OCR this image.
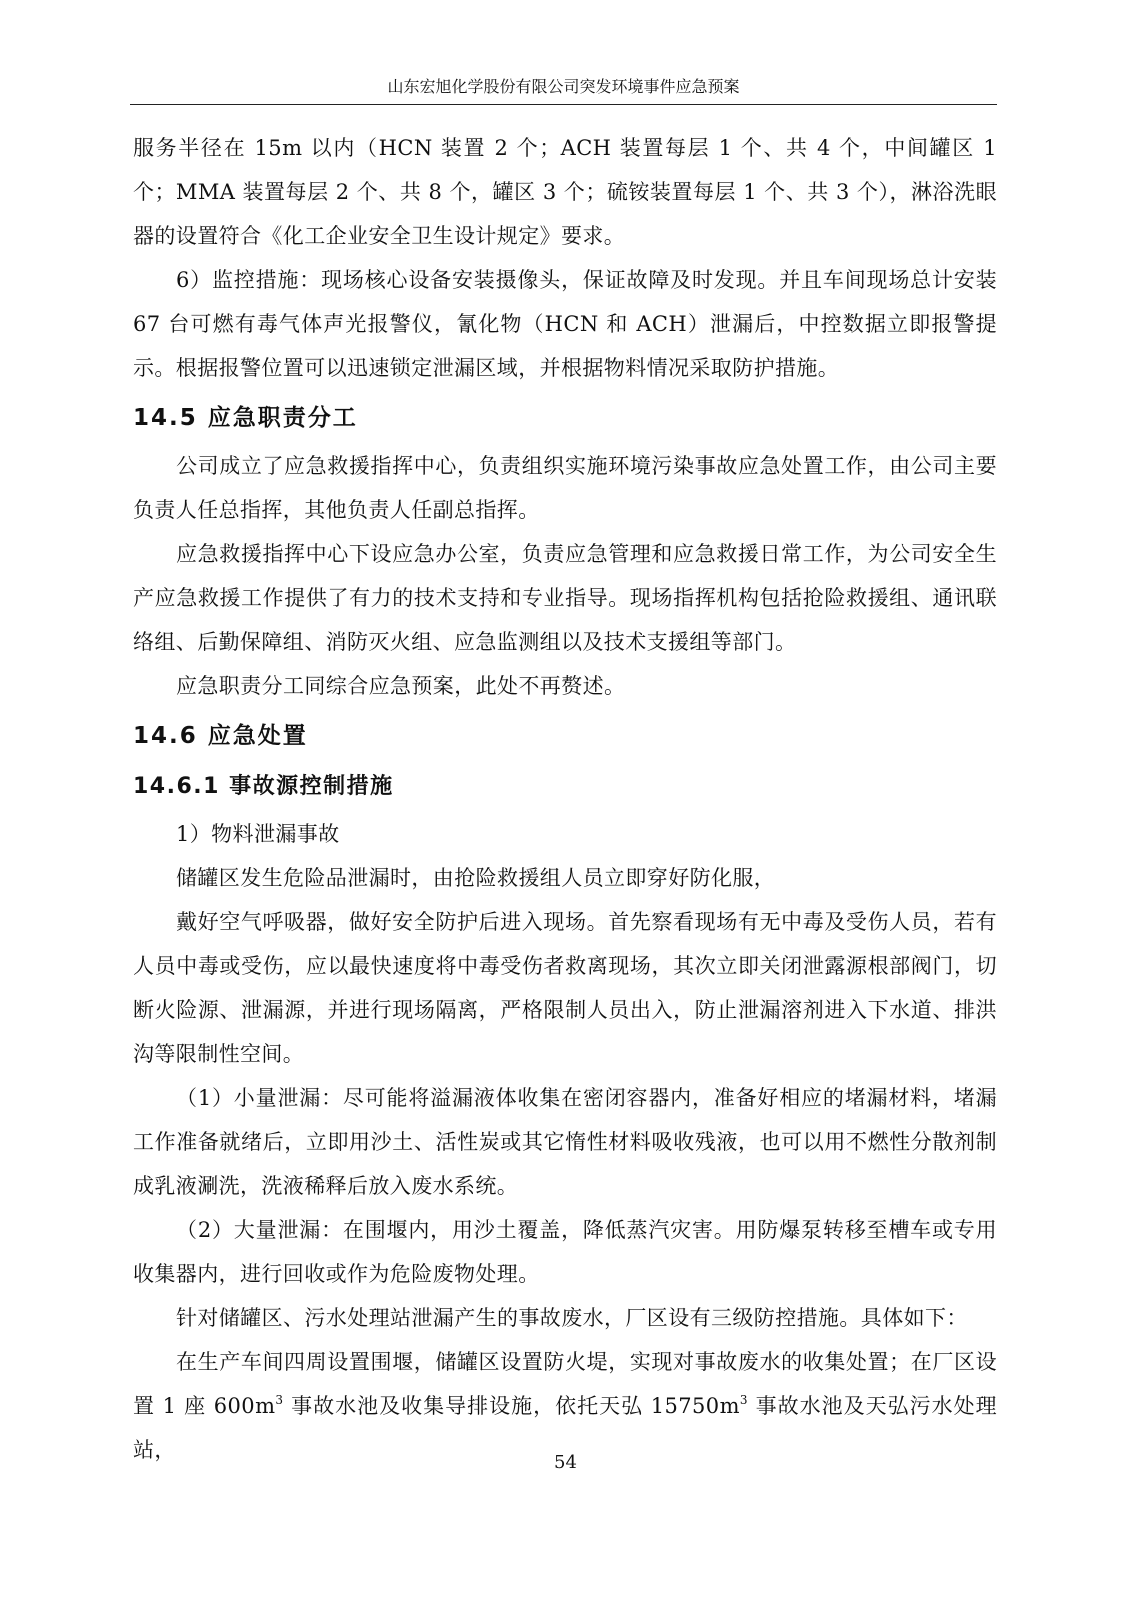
山东宏旭化学股份有限公司突发环境事件应急预案

服务半径在 15m 以内（HCN 装置 2 个；ACH 装置每层 1 个、共 4 个，中间罐区 1 个；MMA 装置每层 2 个、共 8 个，罐区 3 个；硫铵装置每层 1 个、共 3 个），淋浴洗眼器的设置符合《化工企业安全卫生设计规定》要求。

6）监控措施：现场核心设备安装摄像头，保证故障及时发现。并且车间现场总计安装 67 台可燃有毒气体声光报警仪，氰化物（HCN 和 ACH）泄漏后，中控数据立即报警提示。根据报警位置可以迅速锁定泄漏区域，并根据物料情况采取防护措施。

14.5 应急职责分工

公司成立了应急救援指挥中心，负责组织实施环境污染事故应急处置工作，由公司主要负责人任总指挥，其他负责人任副总指挥。

应急救援指挥中心下设应急办公室，负责应急管理和应急救援日常工作，为公司安全生产应急救援工作提供了有力的技术支持和专业指导。现场指挥机构包括抢险救援组、通讯联络组、后勤保障组、消防灭火组、应急监测组以及技术支援组等部门。

应急职责分工同综合应急预案，此处不再赘述。

14.6 应急处置
14.6.1 事故源控制措施

1）物料泄漏事故

储罐区发生危险品泄漏时，由抢险救援组人员立即穿好防化服，

戴好空气呼吸器，做好安全防护后进入现场。首先察看现场有无中毒及受伤人员，若有人员中毒或受伤，应以最快速度将中毒受伤者救离现场，其次立即关闭泄露源根部阀门，切断火险源、泄漏源，并进行现场隔离，严格限制人员出入，防止泄漏溶剂进入下水道、排洪沟等限制性空间。

（1）小量泄漏：尽可能将溢漏液体收集在密闭容器内，准备好相应的堵漏材料，堵漏工作准备就绪后，立即用沙土、活性炭或其它惰性材料吸收残液，也可以用不燃性分散剂制成乳液涮洗，洗液稀释后放入废水系统。

（2）大量泄漏：在围堰内，用沙土覆盖，降低蒸汽灾害。用防爆泵转移至槽车或专用收集器内，进行回收或作为危险废物处理。

针对储罐区、污水处理站泄漏产生的事故废水，厂区设有三级防控措施。具体如下：

在生产车间四周设置围堰，储罐区设置防火堤，实现对事故废水的收集处置；在厂区设置 1 座 $600m^3$ 事故水池及收集导排设施，依托天弘 $15750m^3$ 事故水池及天弘污水处理站，

54
